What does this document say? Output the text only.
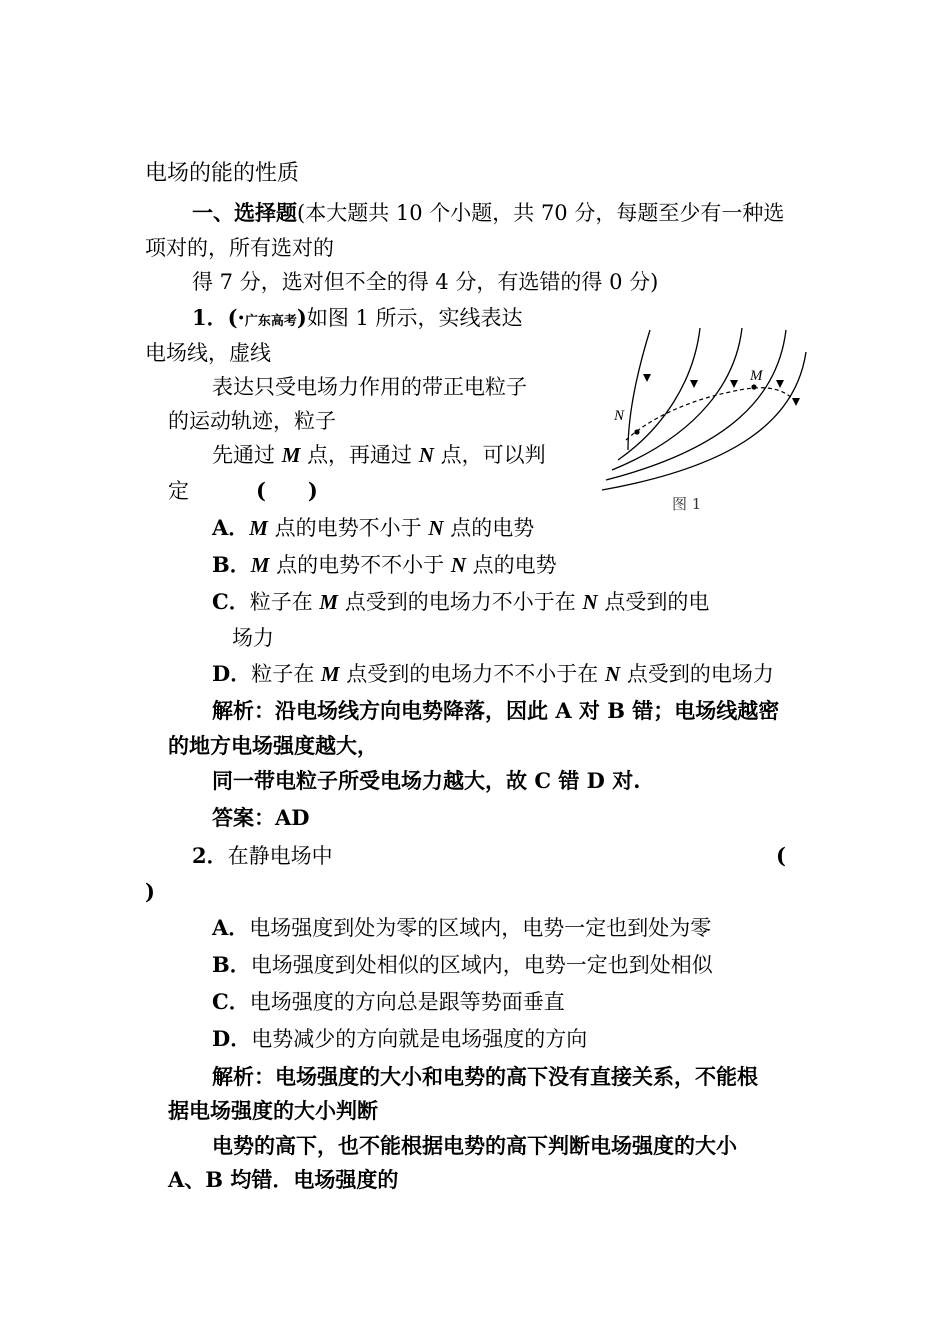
电场的能的性质
一、选择题(本大题共 10 个小题，共 70 分，每题至少有一种选
项对的，所有选对的
得 7 分，选对但不全的得 4 分，有选错的得 0 分)
1．(·广东高考)如图 1 所示，实线表达
电场线，虚线
表达只受电场力作用的带正电粒子
的运动轨迹，粒子
先通过 M 点，再通过 N 点，可以判
定	(　　)
A．M 点的电势不小于 N 点的电势
B．M 点的电势不不小于 N 点的电势
C．粒子在 M 点受到的电场力不小于在 N 点受到的电
场力
D．粒子在 M 点受到的电场力不不小于在 N 点受到的电场力
解析：沿电场线方向电势降落，因此 A 对 B 错；电场线越密
的地方电场强度越大，
同一带电粒子所受电场力越大，故 C 错 D 对.
答案：AD
N
M
图 1
2．在静电场中	(
)
A．电场强度到处为零的区域内，电势一定也到处为零
B．电场强度到处相似的区域内，电势一定也到处相似
C．电场强度的方向总是跟等势面垂直
D．电势减少的方向就是电场强度的方向
解析：电场强度的大小和电势的高下没有直接关系，不能根
据电场强度的大小判断
电势的高下，也不能根据电势的高下判断电场强度的大小
A、B 均错．电场强度的
